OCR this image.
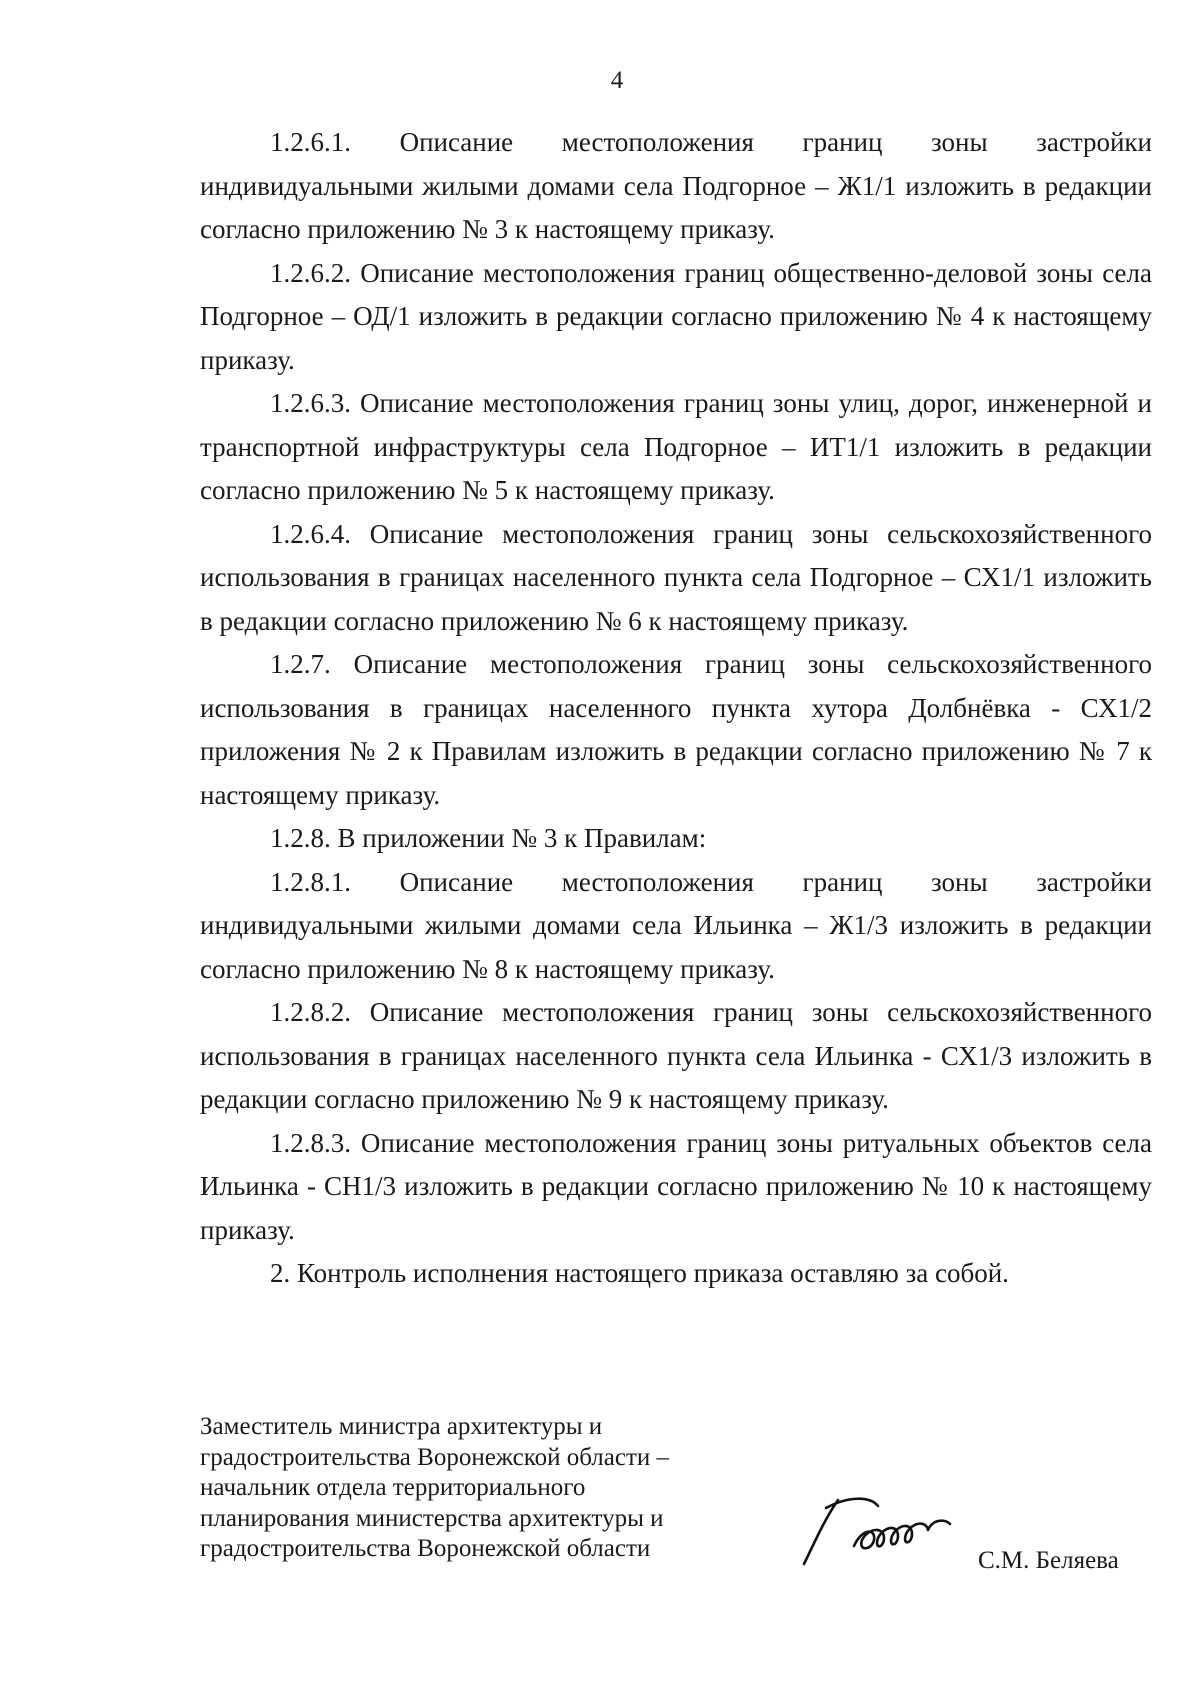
4

1.2.6.1. Описание местоположения границ зоны застройки индивидуальными жилыми домами села Подгорное – Ж1/1 изложить в редакции согласно приложению № 3 к настоящему приказу.

1.2.6.2. Описание местоположения границ общественно-деловой зоны села Подгорное – ОД/1 изложить в редакции согласно приложению № 4 к настоящему приказу.

1.2.6.3. Описание местоположения границ зоны улиц, дорог, инженерной и транспортной инфраструктуры села Подгорное – ИТ1/1 изложить в редакции согласно приложению № 5 к настоящему приказу.

1.2.6.4. Описание местоположения границ зоны сельскохозяйственного использования в границах населенного пункта села Подгорное – СХ1/1 изложить в редакции согласно приложению № 6 к настоящему приказу.

1.2.7. Описание местоположения границ зоны сельскохозяйственного использования в границах населенного пункта хутора Долбнёвка - СХ1/2 приложения № 2 к Правилам изложить в редакции согласно приложению № 7 к настоящему приказу.

1.2.8. В приложении № 3 к Правилам:

1.2.8.1. Описание местоположения границ зоны застройки индивидуальными жилыми домами села Ильинка – Ж1/3 изложить в редакции согласно приложению № 8 к настоящему приказу.

1.2.8.2. Описание местоположения границ зоны сельскохозяйственного использования в границах населенного пункта села Ильинка - СХ1/3 изложить в редакции согласно приложению № 9 к настоящему приказу.

1.2.8.3. Описание местоположения границ зоны ритуальных объектов села Ильинка - СН1/3 изложить в редакции согласно приложению № 10 к настоящему приказу.

2. Контроль исполнения настоящего приказа оставляю за собой.

Заместитель министра архитектуры и
градостроительства Воронежской области –
начальник отдела территориального
планирования министерства архитектуры и
градостроительства Воронежской области	С.М. Беляева
